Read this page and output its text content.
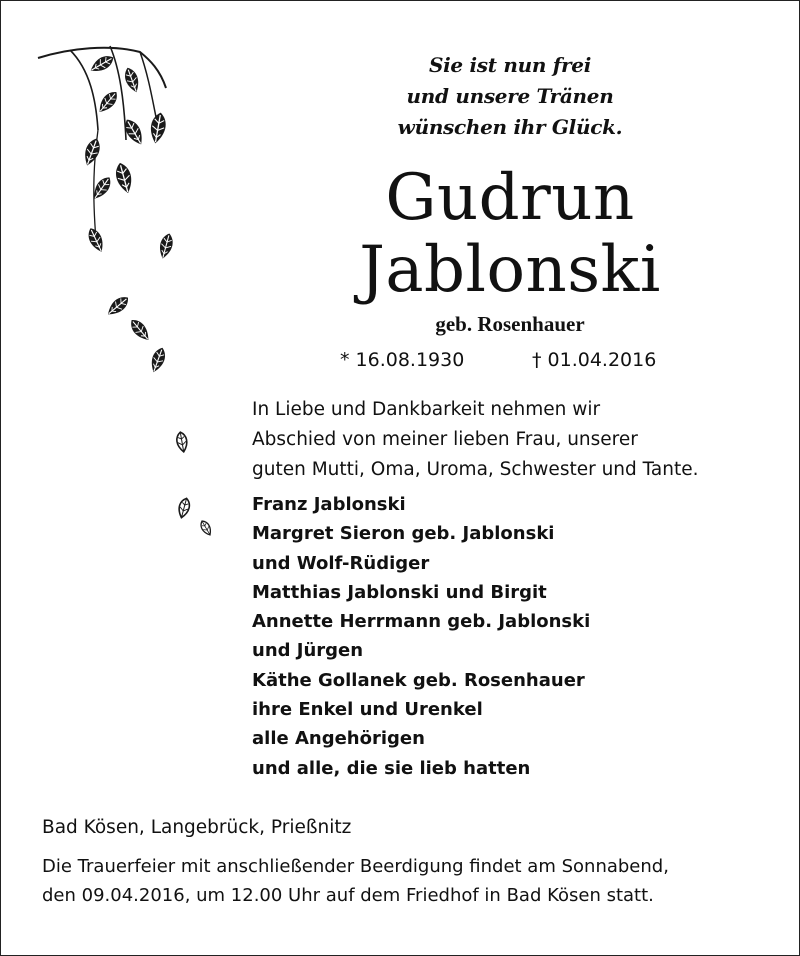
Sie ist nun frei
und unsere Tränen
wünschen ihr Glück.
Gudrun
Jablonski
geb. Rosenhauer
* 16.08.1930	† 01.04.2016
In Liebe und Dankbarkeit nehmen wir
Abschied von meiner lieben Frau, unserer
guten Mutti, Oma, Uroma, Schwester und Tante.
Franz Jablonski
Margret Sieron geb. Jablonski
und Wolf-Rüdiger
Matthias Jablonski und Birgit
Annette Herrmann geb. Jablonski
und Jürgen
Käthe Gollanek geb. Rosenhauer
ihre Enkel und Urenkel
alle Angehörigen
und alle, die sie lieb hatten
Bad Kösen, Langebrück, Prießnitz
Die Trauerfeier mit anschließender Beerdigung findet am Sonnabend,
den 09.04.2016, um 12.00 Uhr auf dem Friedhof in Bad Kösen statt.
